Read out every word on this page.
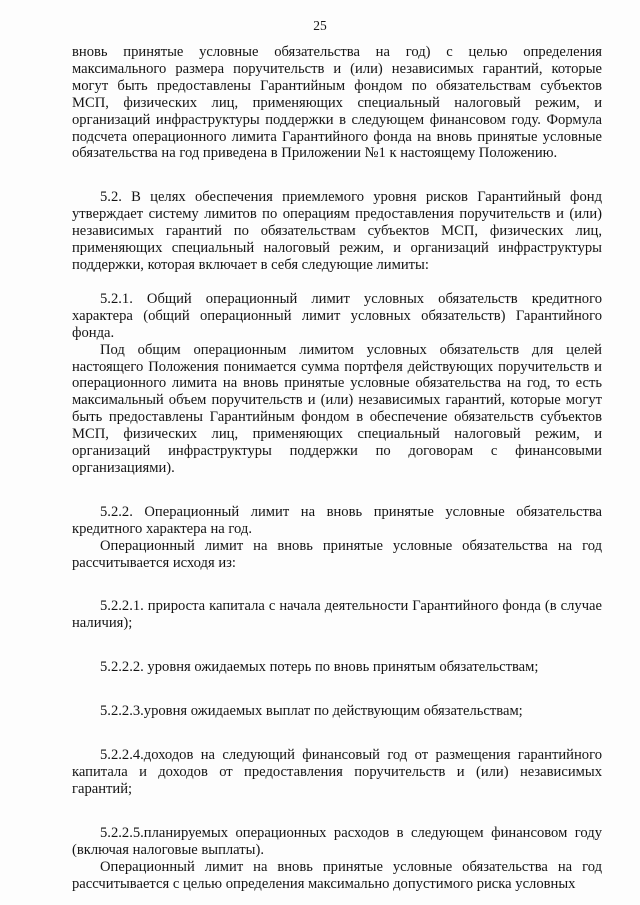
25

вновь принятые условные обязательства на год) с целью определения максимального размера поручительств и (или) независимых гарантий, которые могут быть предоставлены Гарантийным фондом по обязательствам субъектов МСП, физических лиц, применяющих специальный налоговый режим, и организаций инфраструктуры поддержки в следующем финансовом году. Формула подсчета операционного лимита Гарантийного фонда на вновь принятые условные обязательства на год приведена в Приложении №1 к настоящему Положению.

5.2. В целях обеспечения приемлемого уровня рисков Гарантийный фонд утверждает систему лимитов по операциям предоставления поручительств и (или) независимых гарантий по обязательствам субъектов МСП, физических лиц, применяющих специальный налоговый режим, и организаций инфраструктуры поддержки, которая включает в себя следующие лимиты:

5.2.1. Общий операционный лимит условных обязательств кредитного характера (общий операционный лимит условных обязательств) Гарантийного фонда.

Под общим операционным лимитом условных обязательств для целей настоящего Положения понимается сумма портфеля действующих поручительств и операционного лимита на вновь принятые условные обязательства на год, то есть максимальный объем поручительств и (или) независимых гарантий, которые могут быть предоставлены Гарантийным фондом в обеспечение обязательств субъектов МСП, физических лиц, применяющих специальный налоговый режим, и организаций инфраструктуры поддержки по договорам с финансовыми организациями).

5.2.2. Операционный лимит на вновь принятые условные обязательства кредитного характера на год.

Операционный лимит на вновь принятые условные обязательства на год рассчитывается исходя из:

5.2.2.1. прироста капитала с начала деятельности Гарантийного фонда (в случае наличия);

5.2.2.2. уровня ожидаемых потерь по вновь принятым обязательствам;

5.2.2.3.уровня ожидаемых выплат по действующим обязательствам;

5.2.2.4.доходов на следующий финансовый год от размещения гарантийного капитала и доходов от предоставления поручительств и (или) независимых гарантий;

5.2.2.5.планируемых операционных расходов в следующем финансовом году (включая налоговые выплаты).

Операционный лимит на вновь принятые условные обязательства на год рассчитывается с целью определения максимально допустимого риска условных
